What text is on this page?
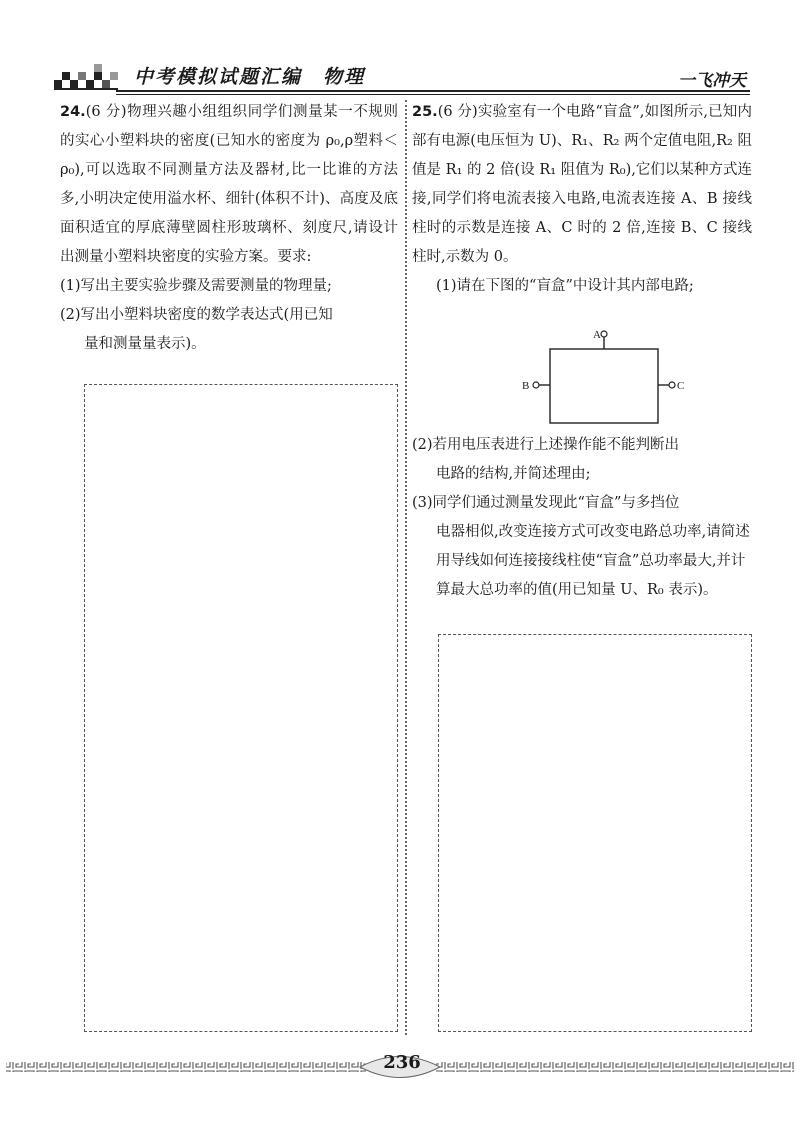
中考模拟试题汇编　物理	一飞冲天

24.(6 分)物理兴趣小组组织同学们测量某一不规则的实心小塑料块的密度(已知水的密度为 ρ₀,ρ塑料＜ρ₀),可以选取不同测量方法及器材,比一比谁的方法多,小明决定使用溢水杯、细针(体积不计)、高度及底面积适宜的厚底薄壁圆柱形玻璃杯、刻度尺,请设计出测量小塑料块密度的实验方案。要求:

(1)写出主要实验步骤及需要测量的物理量;

(2)写出小塑料块密度的数学表达式(用已知
量和测量量表示)。

25.(6 分)实验室有一个电路“盲盒”,如图所示,已知内部有电源(电压恒为 U)、R₁、R₂ 两个定值电阻,R₂ 阻值是 R₁ 的 2 倍(设 R₁ 阻值为 R₀),它们以某种方式连接,同学们将电流表接入电路,电流表连接 A、B 接线柱时的示数是连接 A、C 时的 2 倍,连接 B、C 接线柱时,示数为 0。

(1)请在下图的“盲盒”中设计其内部电路;

(2)若用电压表进行上述操作能不能判断出
电路的结构,并简述理由;

(3)同学们通过测量发现此“盲盒”与多挡位
电器相似,改变连接方式可改变电路总功率,请简述用导线如何连接接线柱使“盲盒”总功率最大,并计算最大总功率的值(用已知量 U、R₀ 表示)。

A
B	C
236
